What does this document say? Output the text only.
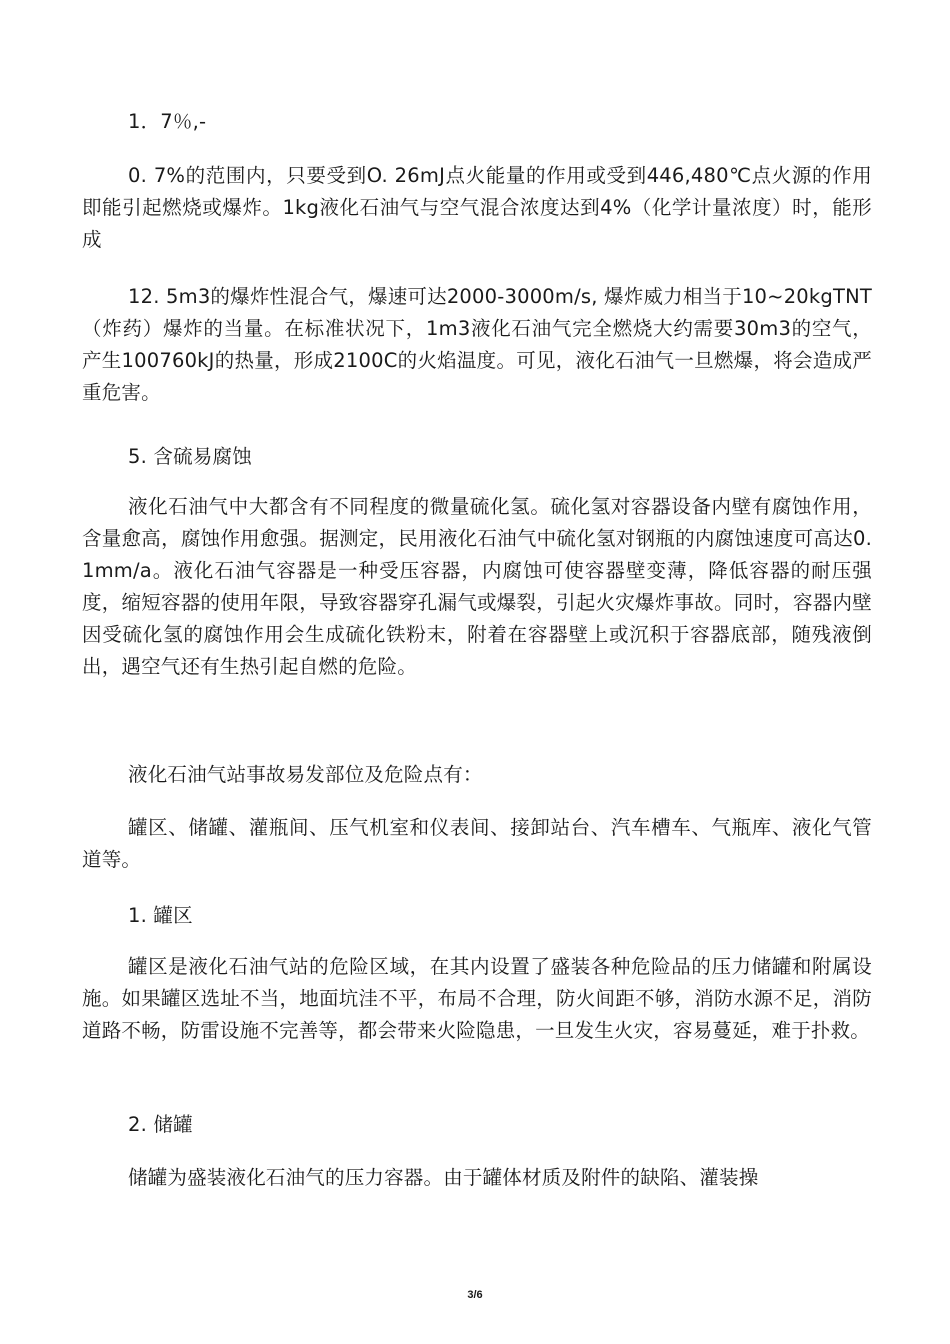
1．7％,-

0. 7%的范围内，只要受到O. 26mJ点火能量的作用或受到446,480℃点火源的作用即能引起燃烧或爆炸。1kg液化石油气与空气混合浓度达到4%（化学计量浓度）时，能形成

12. 5m3的爆炸性混合气，爆速可达2000-3000m/s, 爆炸威力相当于10~20kgTNT（炸药）爆炸的当量。在标准状况下，1m3液化石油气完全燃烧大约需要30m3的空气，产生100760kJ的热量，形成2100C的火焰温度。可见，液化石油气一旦燃爆，将会造成严重危害。

5. 含硫易腐蚀

液化石油气中大都含有不同程度的微量硫化氢。硫化氢对容器设备内壁有腐蚀作用，含量愈高，腐蚀作用愈强。据测定，民用液化石油气中硫化氢对钢瓶的内腐蚀速度可高达0. 1mm/a。液化石油气容器是一种受压容器，内腐蚀可使容器壁变薄，降低容器的耐压强度，缩短容器的使用年限，导致容器穿孔漏气或爆裂，引起火灾爆炸事故。同时，容器内壁因受硫化氢的腐蚀作用会生成硫化铁粉末，附着在容器壁上或沉积于容器底部，随残液倒出，遇空气还有生热引起自燃的危险。

液化石油气站事故易发部位及危险点有：

罐区、储罐、灌瓶间、压气机室和仪表间、接卸站台、汽车槽车、气瓶库、液化气管道等。

1. 罐区

罐区是液化石油气站的危险区域，在其内设置了盛装各种危险品的压力储罐和附属设施。如果罐区选址不当，地面坑洼不平，布局不合理，防火间距不够，消防水源不足，消防道路不畅，防雷设施不完善等，都会带来火险隐患，一旦发生火灾，容易蔓延，难于扑救。

2. 储罐

储罐为盛装液化石油气的压力容器。由于罐体材质及附件的缺陷、灌装操

3/6
